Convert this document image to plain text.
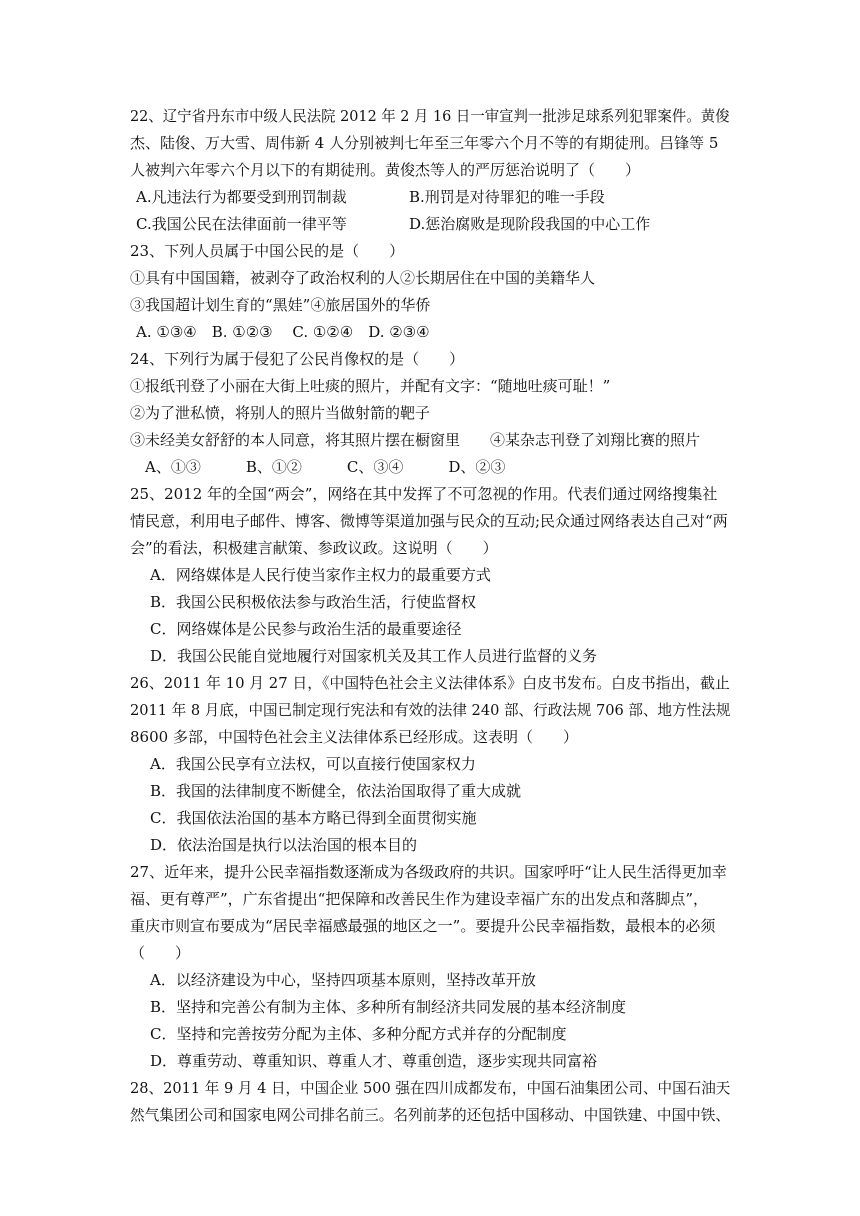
22、辽宁省丹东市中级人民法院 2012 年 2 月 16 日一审宣判一批涉足球系列犯罪案件。黄俊
杰、陆俊、万大雪、周伟新 4 人分别被判七年至三年零六个月不等的有期徒刑。吕锋等 5
人被判六年零六个月以下的有期徒刑。黄俊杰等人的严厉惩治说明了（　　）
A.凡违法行为都要受到刑罚制裁	B.刑罚是对待罪犯的唯一手段
C.我国公民在法律面前一律平等	D.惩治腐败是现阶段我国的中心工作
23、下列人员属于中国公民的是（　　）
①具有中国国籍，被剥夺了政治权利的人②长期居住在中国的美籍华人
③我国超计划生育的“黑娃”④旅居国外的华侨
A. ①③④　B. ①②③　 C. ①②④　D. ②③④
24、下列行为属于侵犯了公民肖像权的是（　　）
①报纸刊登了小丽在大街上吐痰的照片，并配有文字：“随地吐痰可耻！”
②为了泄私愤，将别人的照片当做射箭的靶子
③未经美女舒舒的本人同意，将其照片摆在橱窗里　　④某杂志刊登了刘翔比赛的照片
A、①③　　　B、①②　　　C、③④　　　D、②③
25、2012 年的全国“两会”，网络在其中发挥了不可忽视的作用。代表们通过网络搜集社
情民意，利用电子邮件、博客、微博等渠道加强与民众的互动;民众通过网络表达自己对“两
会”的看法，积极建言献策、参政议政。这说明（　　）
A．网络媒体是人民行使当家作主权力的最重要方式
B．我国公民积极依法参与政治生活，行使监督权
C．网络媒体是公民参与政治生活的最重要途径
D．我国公民能自觉地履行对国家机关及其工作人员进行监督的义务
26、2011 年 10 月 27 日，《中国特色社会主义法律体系》白皮书发布。白皮书指出，截止
2011 年 8 月底，中国已制定现行宪法和有效的法律 240 部、行政法规 706 部、地方性法规
8600 多部，中国特色社会主义法律体系已经形成。这表明（　　）
A．我国公民享有立法权，可以直接行使国家权力
B．我国的法律制度不断健全，依法治国取得了重大成就
C．我国依法治国的基本方略已得到全面贯彻实施
D．依法治国是执行以法治国的根本目的
27、近年来，提升公民幸福指数逐渐成为各级政府的共识。国家呼吁“让人民生活得更加幸
福、更有尊严”，广东省提出“把保障和改善民生作为建设幸福广东的出发点和落脚点”，
重庆市则宣布要成为“居民幸福感最强的地区之一”。要提升公民幸福指数，最根本的必须
（　　）
A．以经济建设为中心，坚持四项基本原则，坚持改革开放
B．坚持和完善公有制为主体、多种所有制经济共同发展的基本经济制度
C．坚持和完善按劳分配为主体、多种分配方式并存的分配制度
D．尊重劳动、尊重知识、尊重人才、尊重创造，逐步实现共同富裕
28、2011 年 9 月 4 日，中国企业 500 强在四川成都发布，中国石油集团公司、中国石油天
然气集团公司和国家电网公司排名前三。名列前茅的还包括中国移动、中国铁建、中国中铁、
